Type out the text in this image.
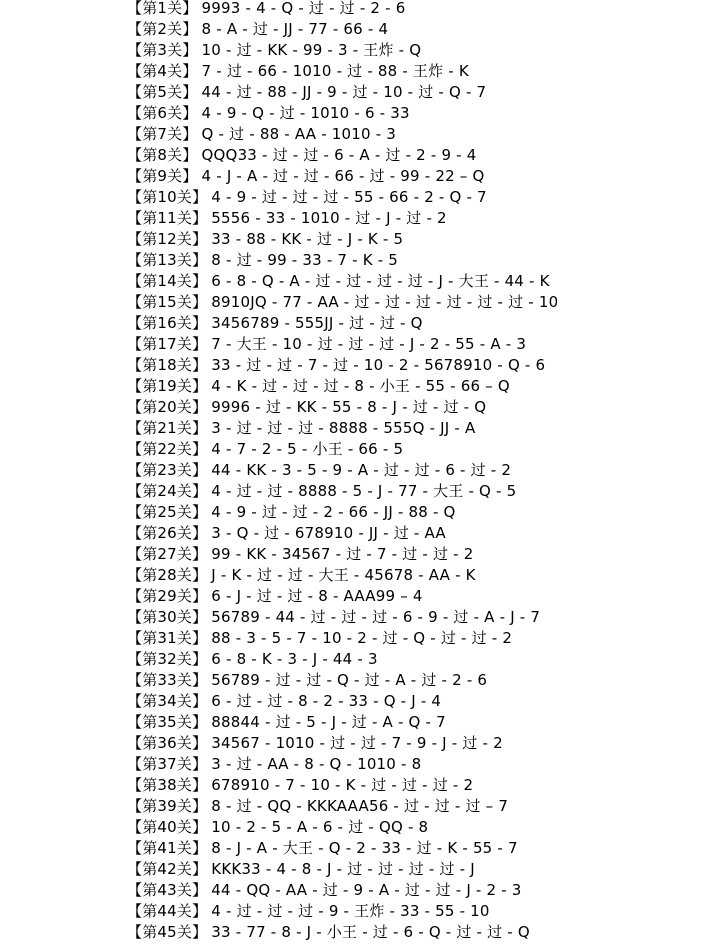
【第1关】 9993 - 4 - Q - 过 - 过 - 2 - 6
【第2关】 8 - A - 过 - JJ - 77 - 66 - 4
【第3关】 10 - 过 - KK - 99 - 3 - 王炸 - Q
【第4关】 7 - 过 - 66 - 1010 - 过 - 88 - 王炸 - K
【第5关】 44 - 过 - 88 - JJ - 9 - 过 - 10 - 过 - Q - 7
【第6关】 4 - 9 - Q - 过 - 1010 - 6 - 33
【第7关】 Q - 过 - 88 - AA - 1010 - 3
【第8关】 QQQ33 - 过 - 过 - 6 - A - 过 - 2 - 9 - 4
【第9关】 4 - J - A - 过 - 过 - 66 - 过 - 99 - 22 – Q
【第10关】 4 - 9 - 过 - 过 - 过 - 55 - 66 - 2 - Q - 7
【第11关】 5556 - 33 - 1010 - 过 - J - 过 - 2
【第12关】 33 - 88 - KK - 过 - J - K - 5
【第13关】 8 - 过 - 99 - 33 - 7 - K - 5
【第14关】 6 - 8 - Q - A - 过 - 过 - 过 - 过 - J - 大王 - 44 - K
【第15关】 8910JQ - 77 - AA - 过 - 过 - 过 - 过 - 过 - 过 - 10
【第16关】 3456789 - 555JJ - 过 - 过 - Q
【第17关】 7 - 大王 - 10 - 过 - 过 - 过 - J - 2 - 55 - A - 3
【第18关】 33 - 过 - 过 - 7 - 过 - 10 - 2 - 5678910 - Q - 6
【第19关】 4 - K - 过 - 过 - 过 - 8 - 小王 - 55 - 66 – Q
【第20关】 9996 - 过 - KK - 55 - 8 - J - 过 - 过 - Q
【第21关】 3 - 过 - 过 - 过 - 8888 - 555Q - JJ - A
【第22关】 4 - 7 - 2 - 5 - 小王 - 66 - 5
【第23关】 44 - KK - 3 - 5 - 9 - A - 过 - 过 - 6 - 过 - 2
【第24关】 4 - 过 - 过 - 8888 - 5 - J - 77 - 大王 - Q - 5
【第25关】 4 - 9 - 过 - 过 - 2 - 66 - JJ - 88 - Q
【第26关】 3 - Q - 过 - 678910 - JJ - 过 - AA
【第27关】 99 - KK - 34567 - 过 - 7 - 过 - 过 - 2
【第28关】 J - K - 过 - 过 - 大王 - 45678 - AA - K
【第29关】 6 - J - 过 - 过 - 8 - AAA99 – 4
【第30关】 56789 - 44 - 过 - 过 - 过 - 6 - 9 - 过 - A - J - 7
【第31关】 88 - 3 - 5 - 7 - 10 - 2 - 过 - Q - 过 - 过 - 2
【第32关】 6 - 8 - K - 3 - J - 44 - 3
【第33关】 56789 - 过 - 过 - Q - 过 - A - 过 - 2 - 6
【第34关】 6 - 过 - 过 - 8 - 2 - 33 - Q - J - 4
【第35关】 88844 - 过 - 5 - J - 过 - A - Q - 7
【第36关】 34567 - 1010 - 过 - 过 - 7 - 9 - J - 过 - 2
【第37关】 3 - 过 - AA - 8 - Q - 1010 - 8
【第38关】 678910 - 7 - 10 - K - 过 - 过 - 过 - 2
【第39关】 8 - 过 - QQ - KKKAAA56 - 过 - 过 - 过 – 7
【第40关】 10 - 2 - 5 - A - 6 - 过 - QQ - 8
【第41关】 8 - J - A - 大王 - Q - 2 - 33 - 过 - K - 55 - 7
【第42关】 KKK33 - 4 - 8 - J - 过 - 过 - 过 - 过 - J
【第43关】 44 - QQ - AA - 过 - 9 - A - 过 - 过 - J - 2 - 3
【第44关】 4 - 过 - 过 - 过 - 9 - 王炸 - 33 - 55 - 10
【第45关】 33 - 77 - 8 - J - 小王 - 过 - 6 - Q - 过 - 过 - Q
